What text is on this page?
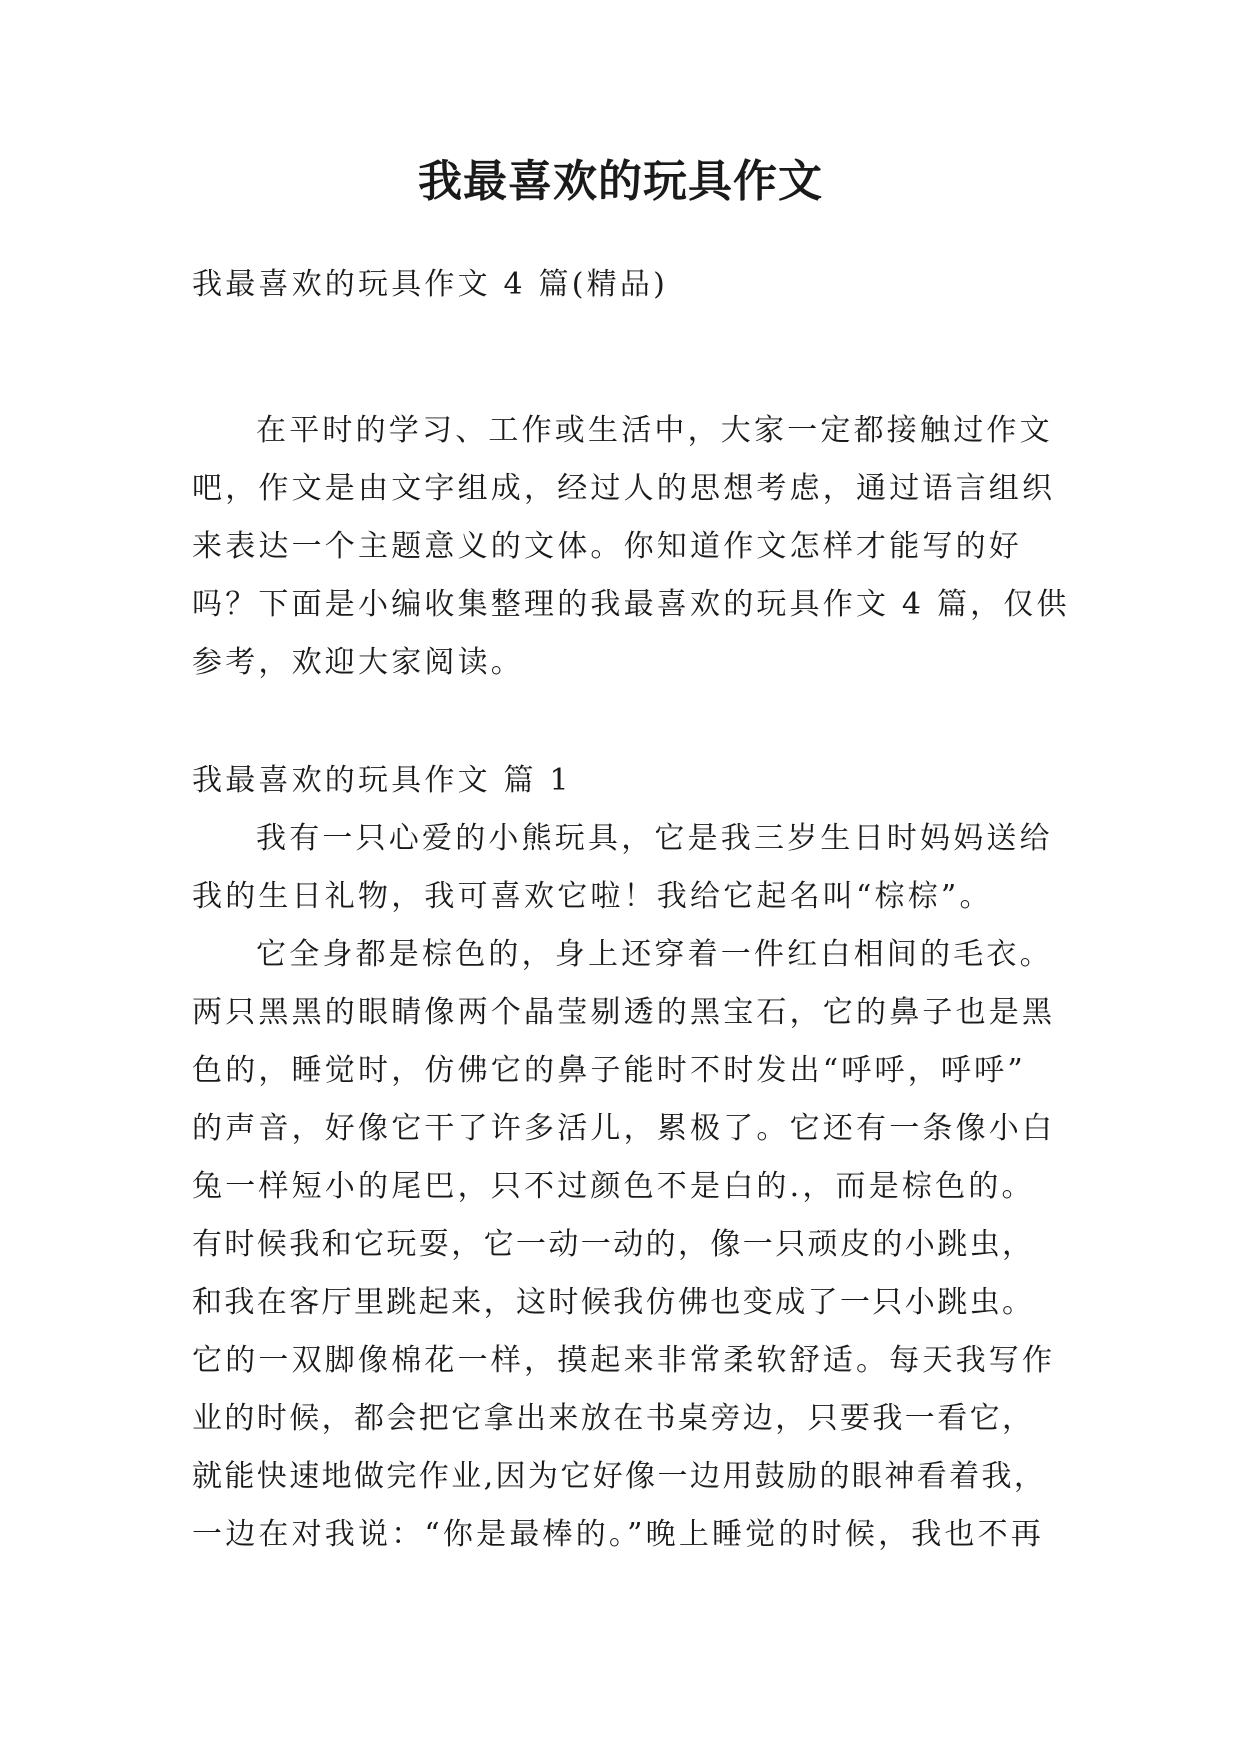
我最喜欢的玩具作文
我最喜欢的玩具作文 4 篇(精品)
在平时的学习、工作或生活中，大家一定都接触过作文
吧，作文是由文字组成，经过人的思想考虑，通过语言组织
来表达一个主题意义的文体。你知道作文怎样才能写的好
吗？下面是小编收集整理的我最喜欢的玩具作文 4 篇，仅供
参考，欢迎大家阅读。
我最喜欢的玩具作文 篇 1
我有一只心爱的小熊玩具，它是我三岁生日时妈妈送给
我的生日礼物，我可喜欢它啦！我给它起名叫“棕棕”。
它全身都是棕色的，身上还穿着一件红白相间的毛衣。
两只黑黑的眼睛像两个晶莹剔透的黑宝石，它的鼻子也是黑
色的，睡觉时，仿佛它的鼻子能时不时发出“呼呼，呼呼”
的声音，好像它干了许多活儿，累极了。它还有一条像小白
兔一样短小的尾巴，只不过颜色不是白的.，而是棕色的。
有时候我和它玩耍，它一动一动的，像一只顽皮的小跳虫，
和我在客厅里跳起来，这时候我仿佛也变成了一只小跳虫。
它的一双脚像棉花一样，摸起来非常柔软舒适。每天我写作
业的时候，都会把它拿出来放在书桌旁边，只要我一看它，
就能快速地做完作业,因为它好像一边用鼓励的眼神看着我，
一边在对我说：“你是最棒的。”晚上睡觉的时候，我也不再
